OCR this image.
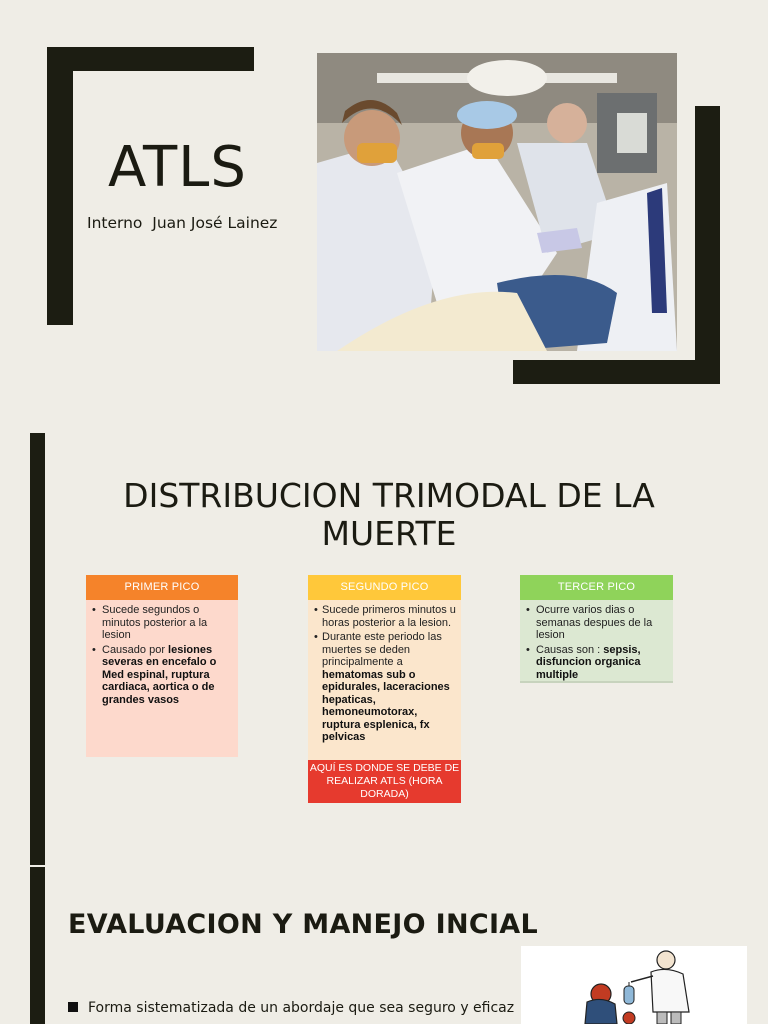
ATLS
Interno  Juan José Lainez
DISTRIBUCION TRIMODAL DE LA
MUERTE
PRIMER PICO
• Sucede segundos o minutos posterior a la lesion
• Causado por lesiones severas en encefalo o Med espinal, ruptura cardiaca, aortica o de grandes vasos
SEGUNDO PICO
• Sucede primeros minutos u horas posterior a la lesion.
• Durante este periodo las muertes se deden principalmente a hematomas sub o epidurales, laceraciones hepaticas, hemoneumotorax, ruptura esplenica, fx pelvicas
AQUÍ ES DONDE SE DEBE DE REALIZAR ATLS (HORA DORADA)
TERCER PICO
• Ocurre varios dias o semanas despues de la lesion
• Causas son : sepsis, disfuncion organica multiple
EVALUACION Y MANEJO INCIAL
Forma sistematizada de un abordaje que sea seguro y eficaz
